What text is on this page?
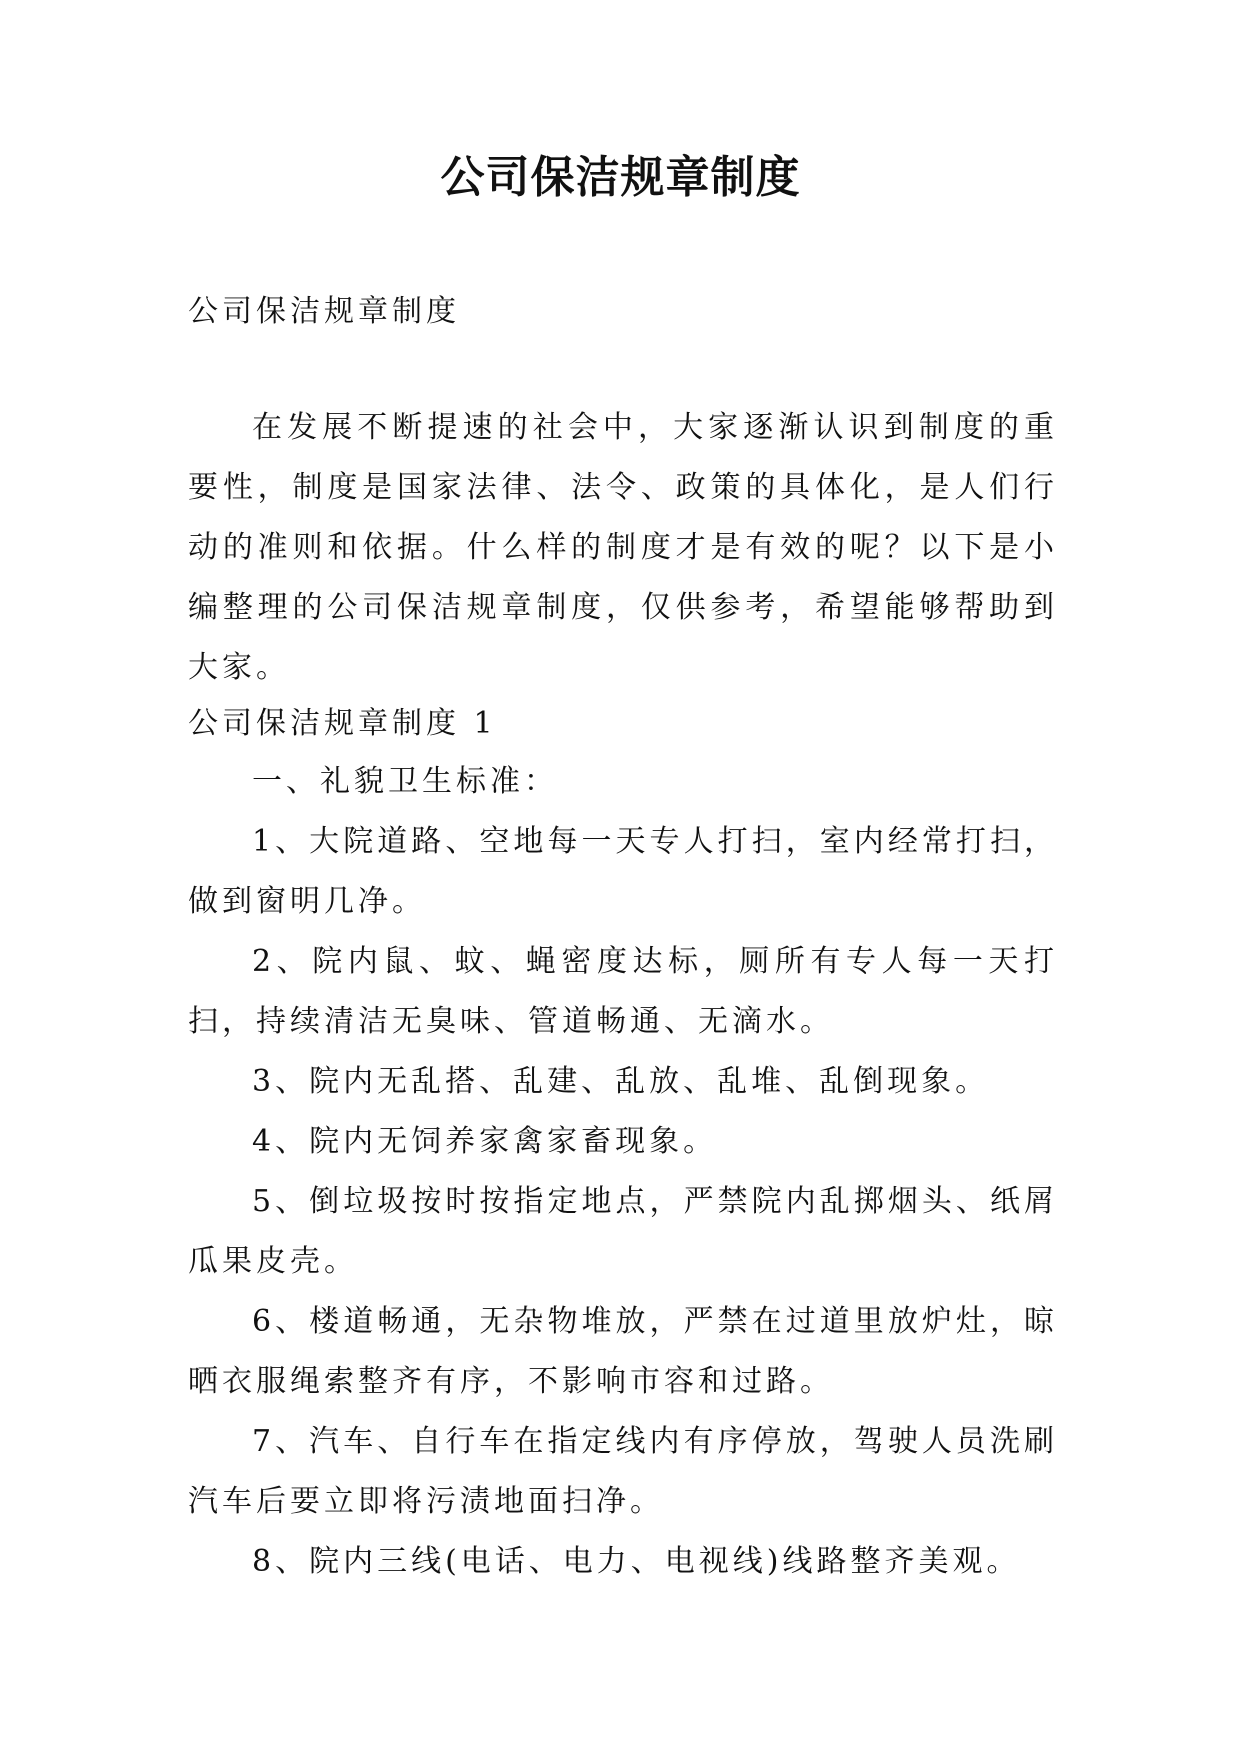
公司保洁规章制度

公司保洁规章制度

在发展不断提速的社会中，大家逐渐认识到制度的重要性，制度是国家法律、法令、政策的具体化，是人们行动的准则和依据。什么样的制度才是有效的呢？以下是小编整理的公司保洁规章制度，仅供参考，希望能够帮助到大家。

公司保洁规章制度 1

一、礼貌卫生标准：

1、大院道路、空地每一天专人打扫，室内经常打扫，做到窗明几净。

2、院内鼠、蚊、蝇密度达标，厕所有专人每一天打扫，持续清洁无臭味、管道畅通、无滴水。

3、院内无乱搭、乱建、乱放、乱堆、乱倒现象。

4、院内无饲养家禽家畜现象。

5、倒垃圾按时按指定地点，严禁院内乱掷烟头、纸屑瓜果皮壳。

6、楼道畅通，无杂物堆放，严禁在过道里放炉灶，晾晒衣服绳索整齐有序，不影响市容和过路。

7、汽车、自行车在指定线内有序停放，驾驶人员洗刷汽车后要立即将污渍地面扫净。

8、院内三线(电话、电力、电视线)线路整齐美观。
